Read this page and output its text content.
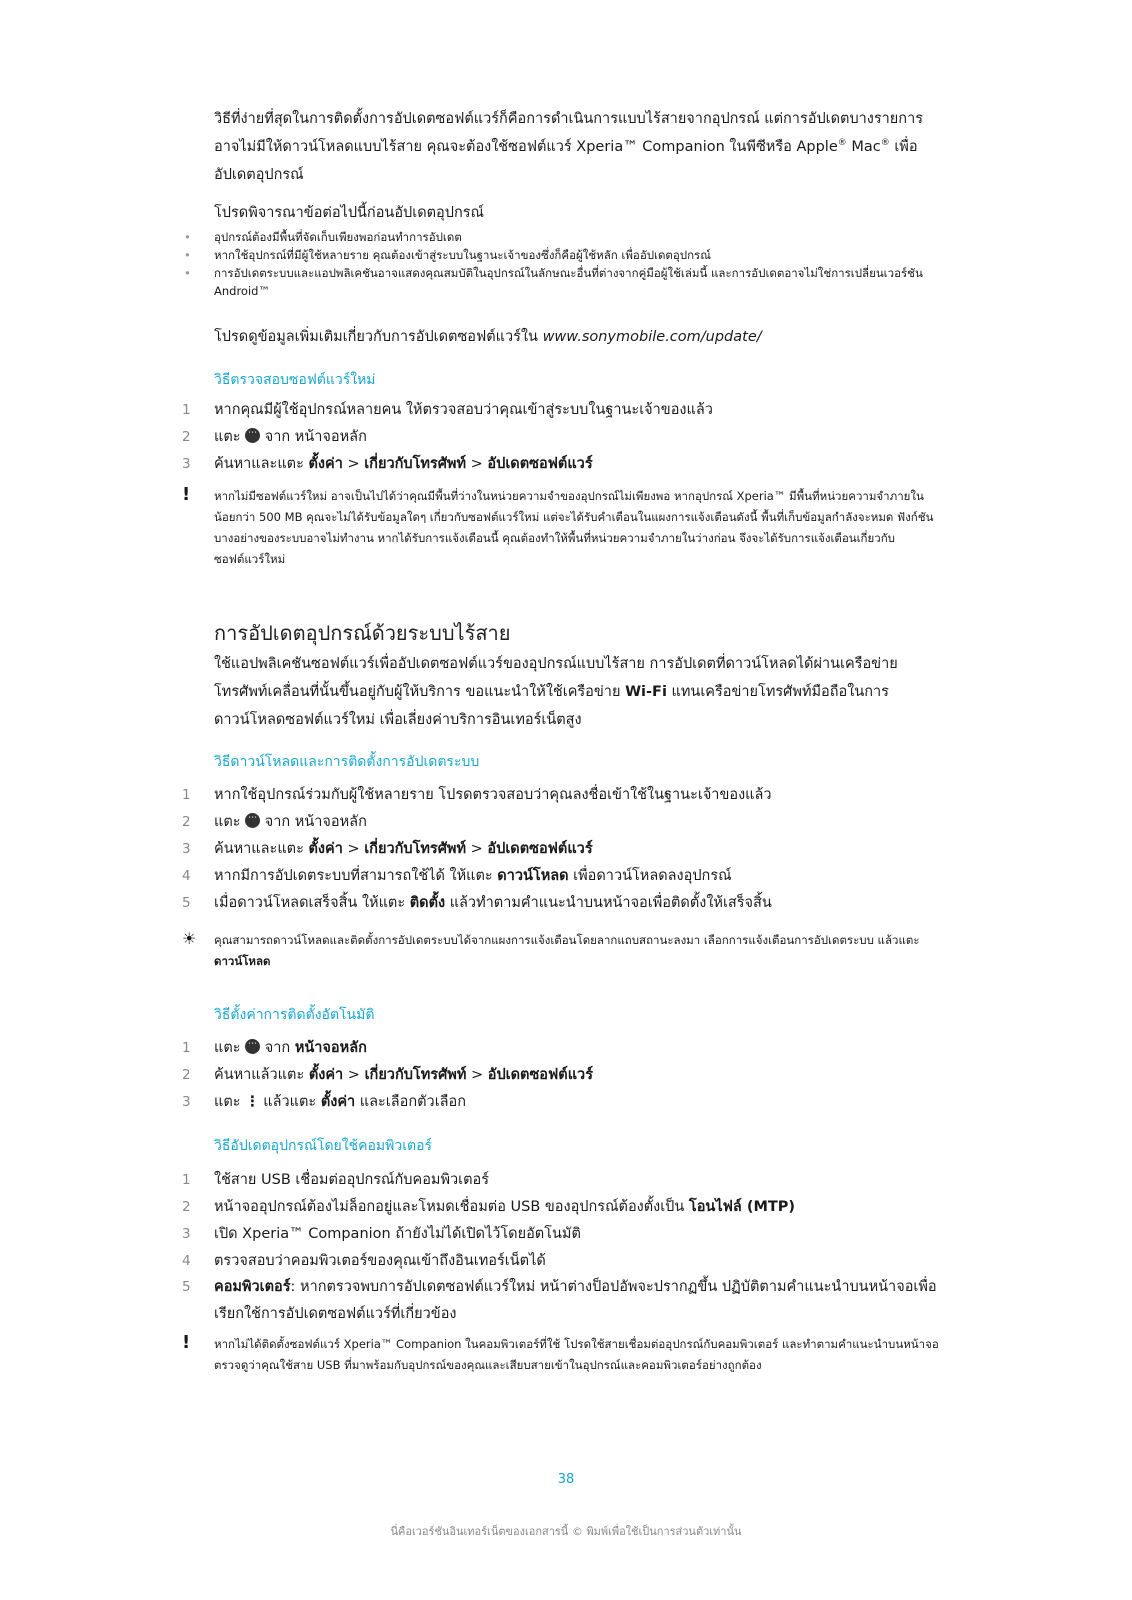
วิธีที่ง่ายที่สุดในการติดตั้งการอัปเดตซอฟต์แวร์ก็คือการดำเนินการแบบไร้สายจากอุปกรณ์ แต่การอัปเดตบางรายการอาจไม่มีให้ดาวน์โหลดแบบไร้สาย คุณจะต้องใช้ซอฟต์แวร์ Xperia™ Companion ในพีซีหรือ Apple® Mac® เพื่ออัปเดตอุปกรณ์

โปรดพิจารณาข้อต่อไปนี้ก่อนอัปเดตอุปกรณ์

•	อุปกรณ์ต้องมีพื้นที่จัดเก็บเพียงพอก่อนทำการอัปเดต
•	หากใช้อุปกรณ์ที่มีผู้ใช้หลายราย คุณต้องเข้าสู่ระบบในฐานะเจ้าของซึ่งก็คือผู้ใช้หลัก เพื่ออัปเดตอุปกรณ์
•	การอัปเดตระบบและแอปพลิเคชันอาจแสดงคุณสมบัติในอุปกรณ์ในลักษณะอื่นที่ต่างจากคู่มือผู้ใช้เล่มนี้ และการอัปเดตอาจไม่ใช่การเปลี่ยนเวอร์ชัน Android™

โปรดดูข้อมูลเพิ่มเติมเกี่ยวกับการอัปเดตซอฟต์แวร์ใน www.sonymobile.com/update/

วิธีตรวจสอบซอฟต์แวร์ใหม่
1	หากคุณมีผู้ใช้อุปกรณ์หลายคน ให้ตรวจสอบว่าคุณเข้าสู่ระบบในฐานะเจ้าของแล้ว
2	แตะ ⋯ จาก หน้าจอหลัก
3	ค้นหาและแตะ ตั้งค่า > เกี่ยวกับโทรศัพท์ > อัปเดตซอฟต์แวร์
!	หากไม่มีซอฟต์แวร์ใหม่ อาจเป็นไปได้ว่าคุณมีพื้นที่ว่างในหน่วยความจำของอุปกรณ์ไม่เพียงพอ หากอุปกรณ์ Xperia™ มีพื้นที่หน่วยความจำภายในน้อยกว่า 500 MB คุณจะไม่ได้รับข้อมูลใดๆ เกี่ยวกับซอฟต์แวร์ใหม่ แต่จะได้รับคำเตือนในแผงการแจ้งเตือนดังนี้ พื้นที่เก็บข้อมูลกำลังจะหมด ฟังก์ชันบางอย่างของระบบอาจไม่ทำงาน หากได้รับการแจ้งเตือนนี้ คุณต้องทำให้พื้นที่หน่วยความจำภายในว่างก่อน จึงจะได้รับการแจ้งเตือนเกี่ยวกับซอฟต์แวร์ใหม่
การอัปเดตอุปกรณ์ด้วยระบบไร้สาย

ใช้แอปพลิเคชันซอฟต์แวร์เพื่ออัปเดตซอฟต์แวร์ของอุปกรณ์แบบไร้สาย การอัปเดตที่ดาวน์โหลดได้ผ่านเครือข่ายโทรศัพท์เคลื่อนที่นั้นขึ้นอยู่กับผู้ให้บริการ ขอแนะนำให้ใช้เครือข่าย Wi-Fi แทนเครือข่ายโทรศัพท์มือถือในการดาวน์โหลดซอฟต์แวร์ใหม่ เพื่อเลี่ยงค่าบริการอินเทอร์เน็ตสูง

วิธีดาวน์โหลดและการติดตั้งการอัปเดตระบบ
1	หากใช้อุปกรณ์ร่วมกับผู้ใช้หลายราย โปรดตรวจสอบว่าคุณลงชื่อเข้าใช้ในฐานะเจ้าของแล้ว
2	แตะ ⋯ จาก หน้าจอหลัก
3	ค้นหาและแตะ ตั้งค่า > เกี่ยวกับโทรศัพท์ > อัปเดตซอฟต์แวร์
4	หากมีการอัปเดตระบบที่สามารถใช้ได้ ให้แตะ ดาวน์โหลด เพื่อดาวน์โหลดลงอุปกรณ์
5	เมื่อดาวน์โหลดเสร็จสิ้น ให้แตะ ติดตั้ง แล้วทำตามคำแนะนำบนหน้าจอเพื่อติดตั้งให้เสร็จสิ้น
☀	คุณสามารถดาวน์โหลดและติดตั้งการอัปเดตระบบได้จากแผงการแจ้งเตือนโดยลากแถบสถานะลงมา เลือกการแจ้งเตือนการอัปเดตระบบ แล้วแตะ ดาวน์โหลด
วิธีตั้งค่าการติดตั้งอัตโนมัติ
1	แตะ ⋯ จาก หน้าจอหลัก
2	ค้นหาแล้วแตะ ตั้งค่า > เกี่ยวกับโทรศัพท์ > อัปเดตซอฟต์แวร์
3	แตะ ⋮ แล้วแตะ ตั้งค่า และเลือกตัวเลือก
วิธีอัปเดตอุปกรณ์โดยใช้คอมพิวเตอร์
1	ใช้สาย USB เชื่อมต่ออุปกรณ์กับคอมพิวเตอร์
2	หน้าจออุปกรณ์ต้องไม่ล็อกอยู่และโหมดเชื่อมต่อ USB ของอุปกรณ์ต้องตั้งเป็น โอนไฟล์ (MTP)
3	เปิด Xperia™ Companion ถ้ายังไม่ได้เปิดไว้โดยอัตโนมัติ
4	ตรวจสอบว่าคอมพิวเตอร์ของคุณเข้าถึงอินเทอร์เน็ตได้
5	คอมพิวเตอร์: หากตรวจพบการอัปเดตซอฟต์แวร์ใหม่ หน้าต่างป็อปอัพจะปรากฏขึ้น ปฏิบัติตามคำแนะนำบนหน้าจอเพื่อเรียกใช้การอัปเดตซอฟต์แวร์ที่เกี่ยวข้อง
!	หากไม่ได้ติดตั้งซอฟต์แวร์ Xperia™ Companion ในคอมพิวเตอร์ที่ใช้ โปรดใช้สายเชื่อมต่ออุปกรณ์กับคอมพิวเตอร์ และทำตามคำแนะนำบนหน้าจอ ตรวจดูว่าคุณใช้สาย USB ที่มาพร้อมกับอุปกรณ์ของคุณและเสียบสายเข้าในอุปกรณ์และคอมพิวเตอร์อย่างถูกต้อง
38
นี่คือเวอร์ชันอินเทอร์เน็ตของเอกสารนี้ © พิมพ์เพื่อใช้เป็นการส่วนตัวเท่านั้น
